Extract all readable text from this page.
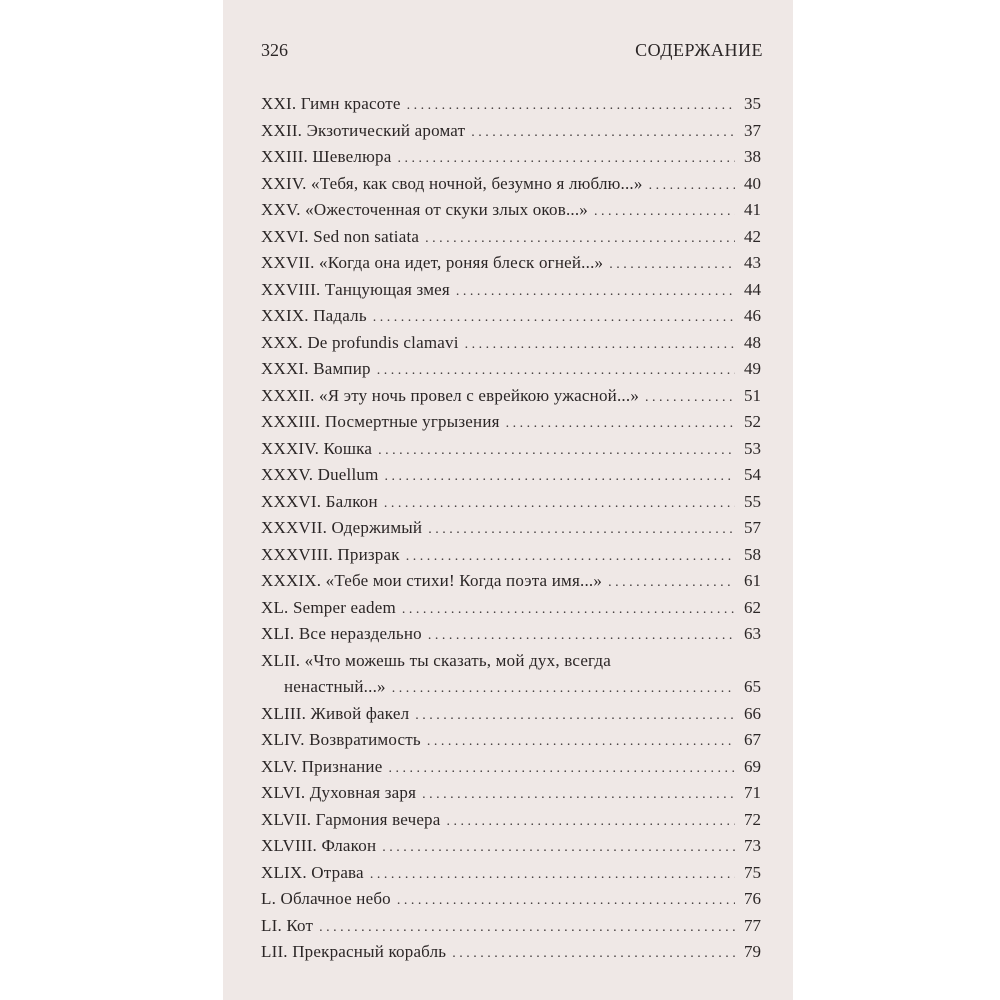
326	СОДЕРЖАНИЕ
XXI. Гимн красоте . . .	35
XXII. Экзотический аромат . . .	37
XXIII. Шевелюра . . .	38
XXIV. «Тебя, как свод ночной, безумно я люблю...» . . .	40
XXV. «Ожесточенная от скуки злых оков...» . . .	41
XXVI. Sed non satiata . . .	42
XXVII. «Когда она идет, роняя блеск огней...» . . .	43
XXVIII. Танцующая змея . . .	44
XXIX. Падаль . . .	46
XXX. De profundis clamavi . . .	48
XXXI. Вампир . . .	49
XXXII. «Я эту ночь провел с еврейкою ужасной...» . . .	51
XXXIII. Посмертные угрызения . . .	52
XXXIV. Кошка . . .	53
XXXV. Duellum . . .	54
XXXVI. Балкон . . .	55
XXXVII. Одержимый . . .	57
XXXVIII. Призрак . . .	58
XXXIX. «Тебе мои стихи! Когда поэта имя...» . . .	61
XL. Semper eadem . . .	62
XLI. Все нераздельно . . .	63
XLII. «Что можешь ты сказать, мой дух, всегда
ненастный...» . . .	65
XLIII. Живой факел . . .	66
XLIV. Возвратимость . . .	67
XLV. Признание . . .	69
XLVI. Духовная заря . . .	71
XLVII. Гармония вечера . . .	72
XLVIII. Флакон . . .	73
XLIX. Отрава . . .	75
L. Облачное небо . . .	76
LI. Кот . . .	77
LII. Прекрасный корабль . . .	79
